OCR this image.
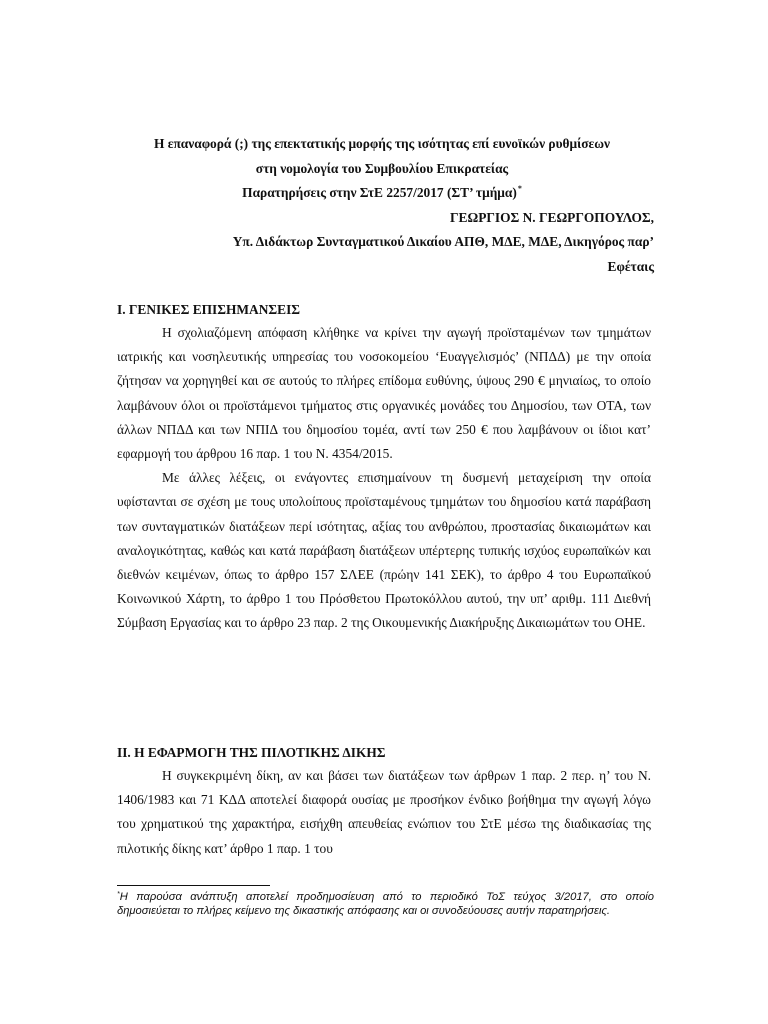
Η επαναφορά (;) της επεκτατικής μορφής της ισότητας επί ευνοϊκών ρυθμίσεων
στη νομολογία του Συμβουλίου Επικρατείας
Παρατηρήσεις στην ΣτΕ 2257/2017 (ΣΤ’ τμήμα)*
ΓΕΩΡΓΙΟΣ Ν. ΓΕΩΡΓΟΠΟΥΛΟΣ,
Υπ. Διδάκτωρ Συνταγματικού Δικαίου ΑΠΘ, ΜΔΕ, ΜΔΕ, Δικηγόρος παρ’
Εφέταις
I. ΓΕΝΙΚΕΣ ΕΠΙΣΗΜΑΝΣΕΙΣ

Η σχολιαζόμενη απόφαση κλήθηκε να κρίνει την αγωγή προϊσταμένων των τμημάτων ιατρικής και νοσηλευτικής υπηρεσίας του νοσοκομείου ‘Ευαγγελισμός’ (ΝΠΔΔ) με την οποία ζήτησαν να χορηγηθεί και σε αυτούς το πλήρες επίδομα ευθύνης, ύψους 290 € μηνιαίως, το οποίο λαμβάνουν όλοι οι προϊστάμενοι τμήματος στις οργανικές μονάδες του Δημοσίου, των ΟΤΑ, των άλλων ΝΠΔΔ και των ΝΠΙΔ του δημοσίου τομέα, αντί των 250 € που λαμβάνουν οι ίδιοι κατ’ εφαρμογή του άρθρου 16 παρ. 1 του Ν. 4354/2015.

Με άλλες λέξεις, οι ενάγοντες επισημαίνουν τη δυσμενή μεταχείριση την οποία υφίστανται σε σχέση με τους υπολοίπους προϊσταμένους τμημάτων του δημοσίου κατά παράβαση των συνταγματικών διατάξεων περί ισότητας, αξίας του ανθρώπου, προστασίας δικαιωμάτων και αναλογικότητας, καθώς και κατά παράβαση διατάξεων υπέρτερης τυπικής ισχύος ευρωπαϊκών και διεθνών κειμένων, όπως το άρθρο 157 ΣΛΕΕ (πρώην 141 ΣΕΚ), το άρθρο 4 του Ευρωπαϊκού Κοινωνικού Χάρτη, το άρθρο 1 του Πρόσθετου Πρωτοκόλλου αυτού, την υπ’ αριθμ. 111 Διεθνή Σύμβαση Εργασίας και το άρθρο 23 παρ. 2 της Οικουμενικής Διακήρυξης Δικαιωμάτων του ΟΗΕ.

II. Η ΕΦΑΡΜΟΓΗ ΤΗΣ ΠΙΛΟΤΙΚΗΣ ΔΙΚΗΣ

Η συγκεκριμένη δίκη, αν και βάσει των διατάξεων των άρθρων 1 παρ. 2 περ. η’ του Ν. 1406/1983 και 71 ΚΔΔ αποτελεί διαφορά ουσίας με προσήκον ένδικο βοήθημα την αγωγή λόγω του χρηματικού της χαρακτήρα, εισήχθη απευθείας ενώπιον του ΣτΕ μέσω της διαδικασίας της πιλοτικής δίκης κατ’ άρθρο 1 παρ. 1 του

*Η παρούσα ανάπτυξη αποτελεί προδημοσίευση από το περιοδικό ΤοΣ τεύχος 3/2017, στο οποίο δημοσιεύεται το πλήρες κείμενο της δικαστικής απόφασης και οι συνοδεύουσες αυτήν παρατηρήσεις.
